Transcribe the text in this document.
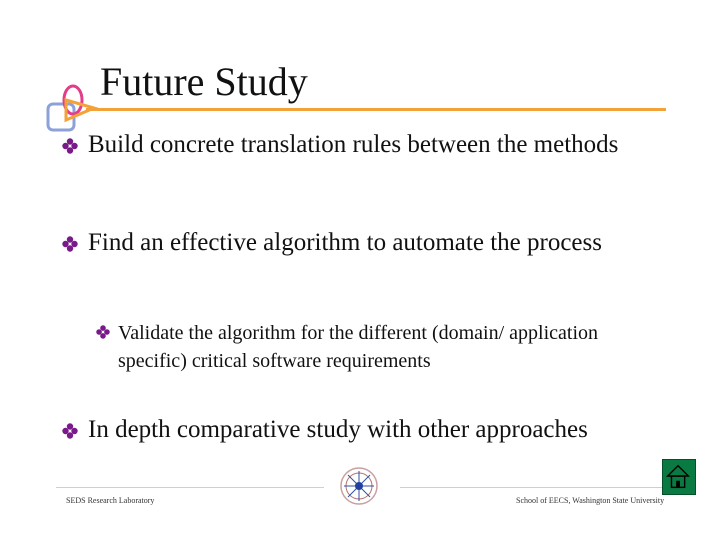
Future Study
Build concrete translation rules between the methods
Find an effective algorithm to automate the process
Validate the algorithm for the different (domain/ application specific) critical software requirements
In depth comparative study with other approaches
SEDS Research Laboratory	School of EECS, Washington State University
